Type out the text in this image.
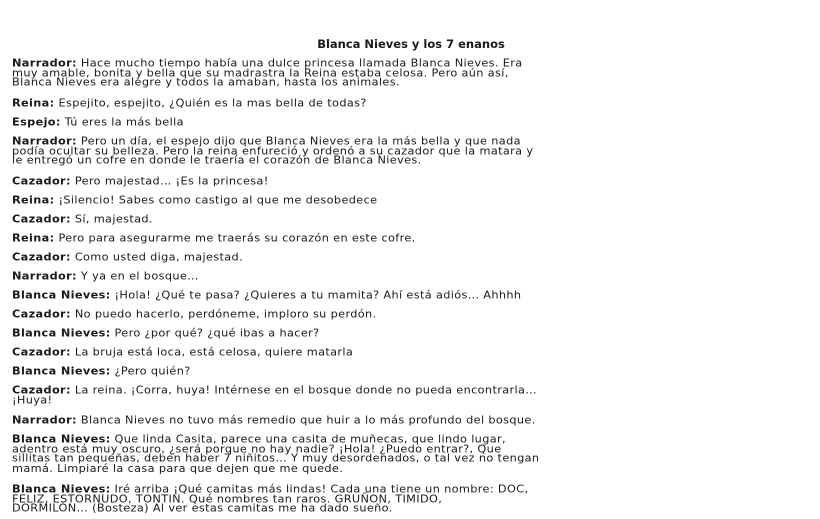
Blanca Nieves y los 7 enanos
Narrador: Hace mucho tiempo había una dulce princesa llamada Blanca Nieves. Era
muy amable, bonita y bella que su madrastra la Reina estaba celosa. Pero aún así,
Blanca Nieves era alegre y todos la amaban, hasta los animales.
Reina: Espejito, espejito, ¿Quién es la mas bella de todas?
Espejo: Tú eres la más bella
Narrador: Pero un día, el espejo dijo que Blanca Nieves era la más bella y que nada
podía ocultar su belleza. Pero la reina enfureció y ordenó a su cazador que la matara y
le entregó un cofre en donde le traería el corazón de Blanca Nieves.
Cazador: Pero majestad… ¡Es la princesa!
Reina: ¡Silencio! Sabes como castigo al que me desobedece
Cazador: Sí, majestad.
Reina: Pero para asegurarme me traerás su corazón en este cofre.
Cazador: Como usted diga, majestad.
Narrador: Y ya en el bosque…
Blanca Nieves: ¡Hola! ¿Qué te pasa? ¿Quieres a tu mamita? Ahí está adiós… Ahhhh
Cazador: No puedo hacerlo, perdóneme, imploro su perdón.
Blanca Nieves: Pero ¿por qué? ¿qué ibas a hacer?
Cazador: La bruja está loca, está celosa, quiere matarla
Blanca Nieves: ¿Pero quién?
Cazador: La reina. ¡Corra, huya! Intérnese en el bosque donde no pueda encontrarla…
¡Huya!
Narrador: Blanca Nieves no tuvo más remedio que huir a lo más profundo del bosque.
Blanca Nieves: Que linda Casita, parece una casita de muñecas, que lindo lugar,
adentro está muy oscuro, ¿será porque no hay nadie? ¡Hola! ¿Puedo entrar?, Que
sillitas tan pequeñas, deben haber 7 niñitos… Y muy desordenados, o tal vez no tengan
mamá. Limpiaré la casa para que dejen que me quede.
Blanca Nieves: Iré arriba ¡Qué camitas más lindas! Cada una tiene un nombre: DOC,
FELIZ, ESTORNUDO, TONTIN. Qué nombres tan raros. GRUÑON, TIMIDO,
DORMILÓN… (Bosteza) Al ver estas camitas me ha dado sueño.
